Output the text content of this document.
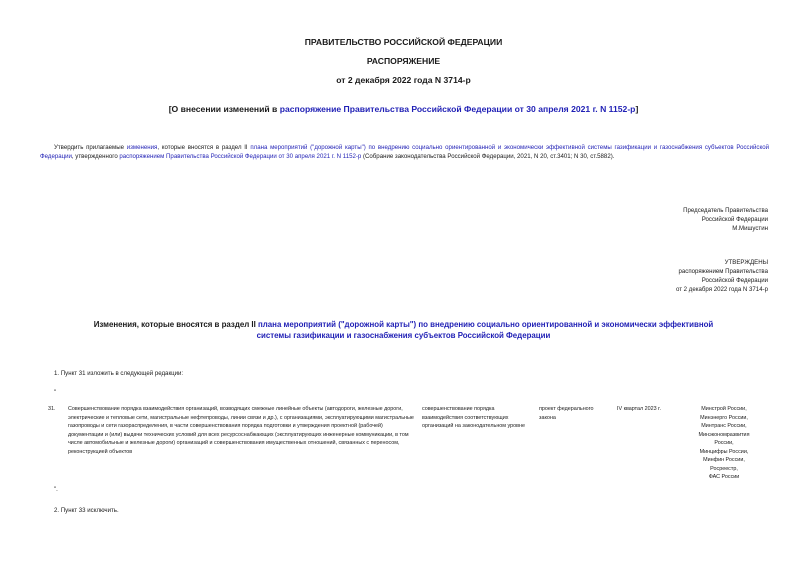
ПРАВИТЕЛЬСТВО РОССИЙСКОЙ ФЕДЕРАЦИИ
РАСПОРЯЖЕНИЕ
от 2 декабря 2022 года N 3714-р
[О внесении изменений в распоряжение Правительства Российской Федерации от 30 апреля 2021 г. N 1152-р]
Утвердить прилагаемые изменения, которые вносятся в раздел II плана мероприятий ("дорожной карты") по внедрению социально ориентированной и экономически эффективной системы газификации и газоснабжения субъектов Российской Федерации, утвержденного распоряжением Правительства Российской Федерации от 30 апреля 2021 г. N 1152-р (Собрание законодательства Российской Федерации, 2021, N 20, ст.3401; N 30, ст.5882).
Председатель Правительства
Российской Федерации
М.Мишустин
УТВЕРЖДЕНЫ
распоряжением Правительства
Российской Федерации
от 2 декабря 2022 года N 3714-р
Изменения, которые вносятся в раздел II плана мероприятий ("дорожной карты") по внедрению социально ориентированной и экономически эффективной
системы газификации и газоснабжения субъектов Российской Федерации
1. Пункт 31 изложить в следующей редакции:
"
31. Совершенствование порядка взаимодействия организаций, возводящих смежные линейные объекты (автодороги, железные дороги, электрические и тепловые сети, магистральные нефтепроводы, линии связи и др.), с организациями, эксплуатирующими магистральные газопроводы и сети газораспределения, в части совершенствования порядка подготовки и утверждения проектной (рабочей) документации и (или) выдачи технических условий для всех ресурсоснабжающих (эксплуатирующих инженерные коммуникации, в том числе автомобильные и железные дороги) организаций и совершенствования имущественных отношений, связанных с переносом, реконструкцией объектов
совершенствование порядка взаимодействия соответствующих организаций на законодательном уровне
проект федерального закона
IV квартал 2023 г.	Минстрой России,
Минэнерго России,
Минтранс России,
Минэкономразвития
России,
Минцифры России,
Минфин России,
Росреестр,
ФАС России
".
2. Пункт 33 исключить.
